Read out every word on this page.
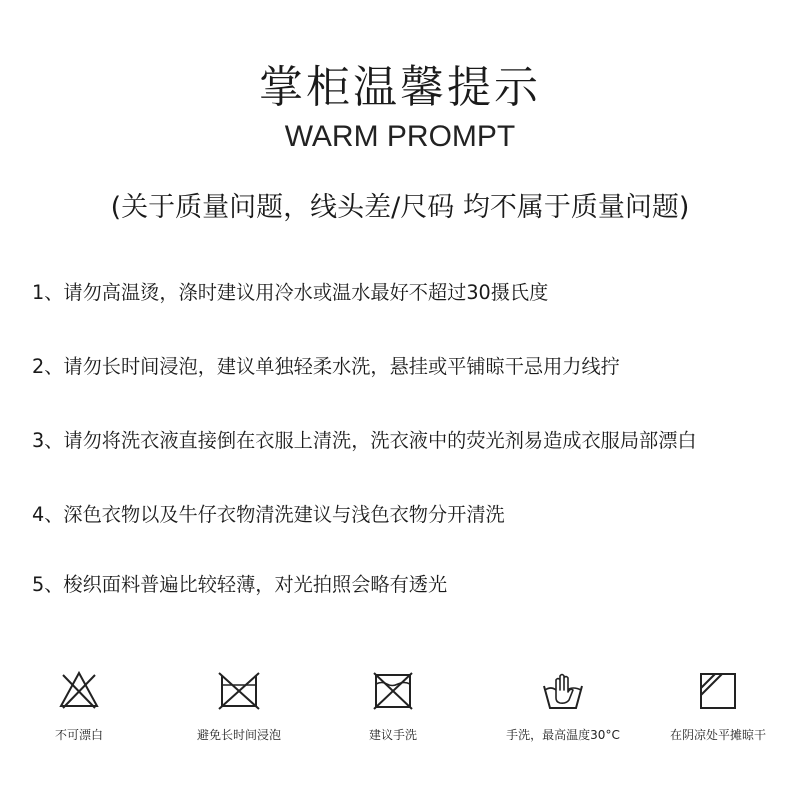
掌柜温馨提示
WARM PROMPT
(关于质量问题，线头差/尺码 均不属于质量问题)
1、请勿高温烫，涤时建议用冷水或温水最好不超过30摄氏度
2、请勿长时间浸泡，建议单独轻柔水洗，悬挂或平铺晾干忌用力线拧
3、请勿将洗衣液直接倒在衣服上清洗，洗衣液中的荧光剂易造成衣服局部漂白
4、深色衣物以及牛仔衣物清洗建议与浅色衣物分开清洗
5、梭织面料普遍比较轻薄，对光拍照会略有透光
不可漂白	避免长时间浸泡	建议手洗	手洗，最高温度30°C	在阴凉处平摊晾干
